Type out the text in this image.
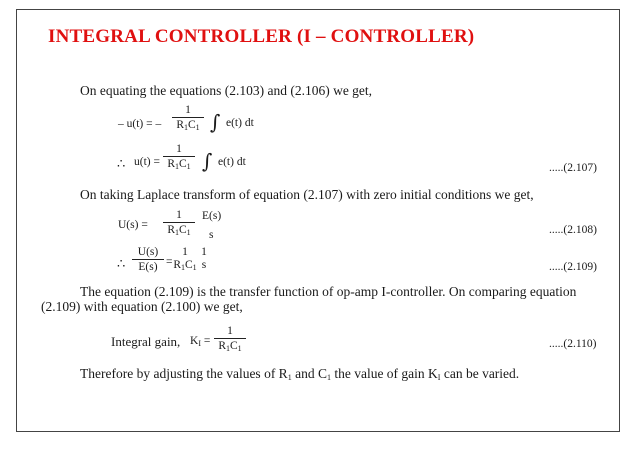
INTEGRAL CONTROLLER (I – CONTROLLER)

On equating the equations (2.103) and (2.106) we get,

– u(t) = –
1
$R_1C_1$ ∫ e(t) dt
∴ u(t) =
1
$R_1C_1$ ∫ e(t) dt	.....(2.107)

On taking Laplace transform of equation (2.107) with zero initial conditions we get,

U(s) =
1
$R_1C_1$
E(s)
s	.....(2.108)
∴
U(s)
E(s) =
1
$R_1C_1$
1
s	.....(2.109)

The equation (2.109) is the transfer function of op-amp I-controller. On comparing equation

(2.109) with equation (2.100) we get,

Integral gain, $K_I$ =
1
$R_1C_1$	.....(2.110)

Therefore by adjusting the values of $R_1$ and $C_1$ the value of gain $K_I$ can be varied.
